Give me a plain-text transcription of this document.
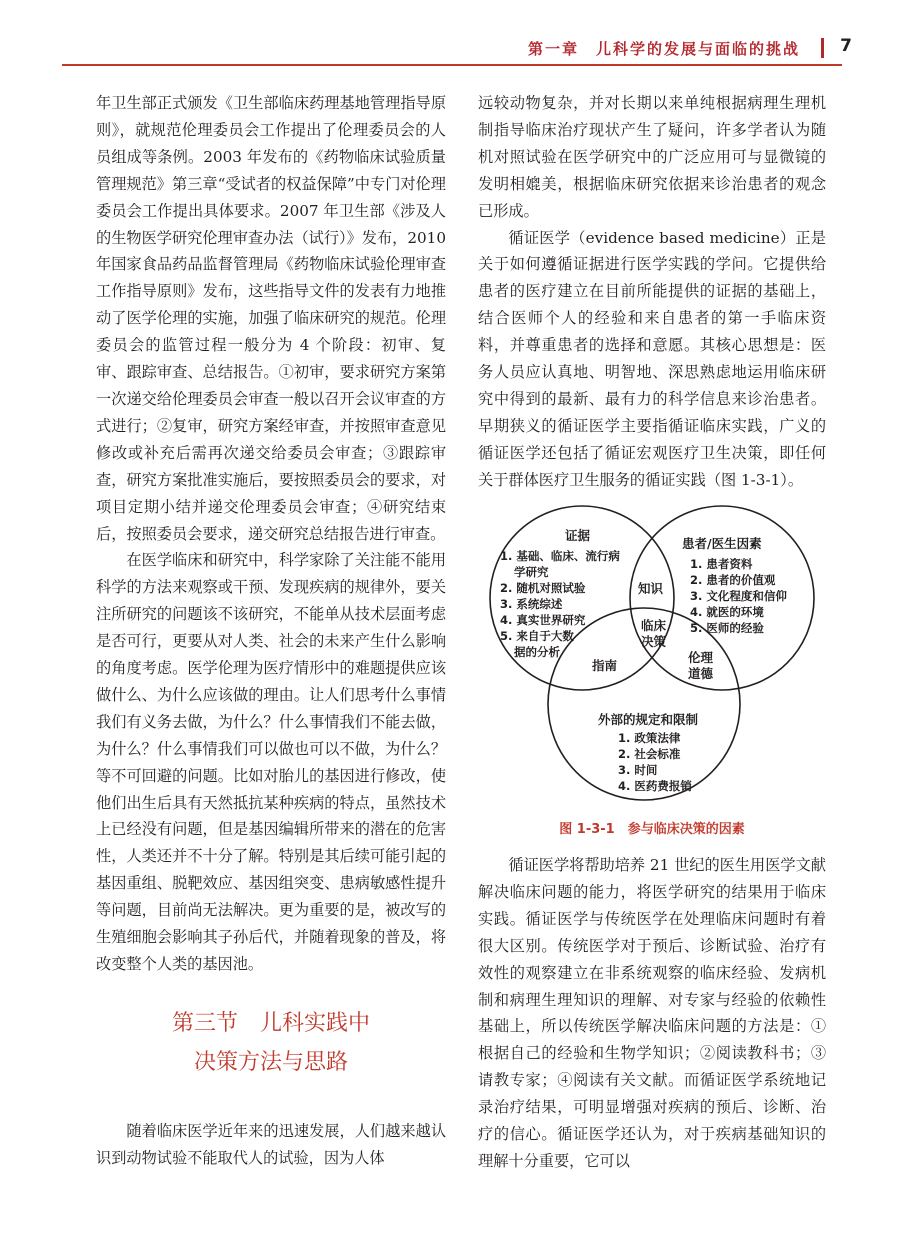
第一章　儿科学的发展与面临的挑战 7

年卫生部正式颁发《卫生部临床药理基地管理指导原则》，就规范伦理委员会工作提出了伦理委员会的人员组成等条例。2003 年发布的《药物临床试验质量管理规范》第三章“受试者的权益保障”中专门对伦理委员会工作提出具体要求。2007 年卫生部《涉及人的生物医学研究伦理审查办法（试行）》发布，2010 年国家食品药品监督管理局《药物临床试验伦理审查工作指导原则》发布，这些指导文件的发表有力地推动了医学伦理的实施，加强了临床研究的规范。伦理委员会的监管过程一般分为 4 个阶段：初审、复审、跟踪审查、总结报告。①初审，要求研究方案第一次递交给伦理委员会审查一般以召开会议审查的方式进行；②复审，研究方案经审查，并按照审查意见修改或补充后需再次递交给委员会审查；③跟踪审查，研究方案批准实施后，要按照委员会的要求，对项目定期小结并递交伦理委员会审查；④研究结束后，按照委员会要求，递交研究总结报告进行审查。

在医学临床和研究中，科学家除了关注能不能用科学的方法来观察或干预、发现疾病的规律外，要关注所研究的问题该不该研究，不能单从技术层面考虑是否可行，更要从对人类、社会的未来产生什么影响的角度考虑。医学伦理为医疗情形中的难题提供应该做什么、为什么应该做的理由。让人们思考什么事情我们有义务去做，为什么？什么事情我们不能去做，为什么？什么事情我们可以做也可以不做，为什么？等不可回避的问题。比如对胎儿的基因进行修改，使他们出生后具有天然抵抗某种疾病的特点，虽然技术上已经没有问题，但是基因编辑所带来的潜在的危害性，人类还并不十分了解。特别是其后续可能引起的基因重组、脱靶效应、基因组突变、患病敏感性提升等问题，目前尚无法解决。更为重要的是，被改写的生殖细胞会影响其子孙后代，并随着现象的普及，将改变整个人类的基因池。

第三节　儿科实践中
决策方法与思路

随着临床医学近年来的迅速发展，人们越来越认识到动物试验不能取代人的试验，因为人体

远较动物复杂，并对长期以来单纯根据病理生理机制指导临床治疗现状产生了疑问，许多学者认为随机对照试验在医学研究中的广泛应用可与显微镜的发明相媲美，根据临床研究依据来诊治患者的观念已形成。

循证医学（evidence based medicine）正是关于如何遵循证据进行医学实践的学问。它提供给患者的医疗建立在目前所能提供的证据的基础上，结合医师个人的经验和来自患者的第一手临床资料，并尊重患者的选择和意愿。其核心思想是：医务人员应认真地、明智地、深思熟虑地运用临床研究中得到的最新、最有力的科学信息来诊治患者。早期狭义的循证医学主要指循证临床实践，广义的循证医学还包括了循证宏观医疗卫生决策，即任何关于群体医疗卫生服务的循证实践（图 1-3-1）。

证据
1. 基础、临床、流行病
学研究
2. 随机对照试验
3. 系统综述
4. 真实世界研究
5. 来自于大数
据的分析
患者/医生因素
1. 患者资料
2. 患者的价值观
3. 文化程度和信仰
4. 就医的环境
5. 医师的经验
知识
临床
决策
指南
伦理
道德
外部的规定和限制
1. 政策法律
2. 社会标准
3. 时间
4. 医药费报销
图 1-3-1　参与临床决策的因素

循证医学将帮助培养 21 世纪的医生用医学文献解决临床问题的能力，将医学研究的结果用于临床实践。循证医学与传统医学在处理临床问题时有着很大区别。传统医学对于预后、诊断试验、治疗有效性的观察建立在非系统观察的临床经验、发病机制和病理生理知识的理解、对专家与经验的依赖性基础上，所以传统医学解决临床问题的方法是：①根据自己的经验和生物学知识；②阅读教科书；③请教专家；④阅读有关文献。而循证医学系统地记录治疗结果，可明显增强对疾病的预后、诊断、治疗的信心。循证医学还认为，对于疾病基础知识的理解十分重要，它可以
